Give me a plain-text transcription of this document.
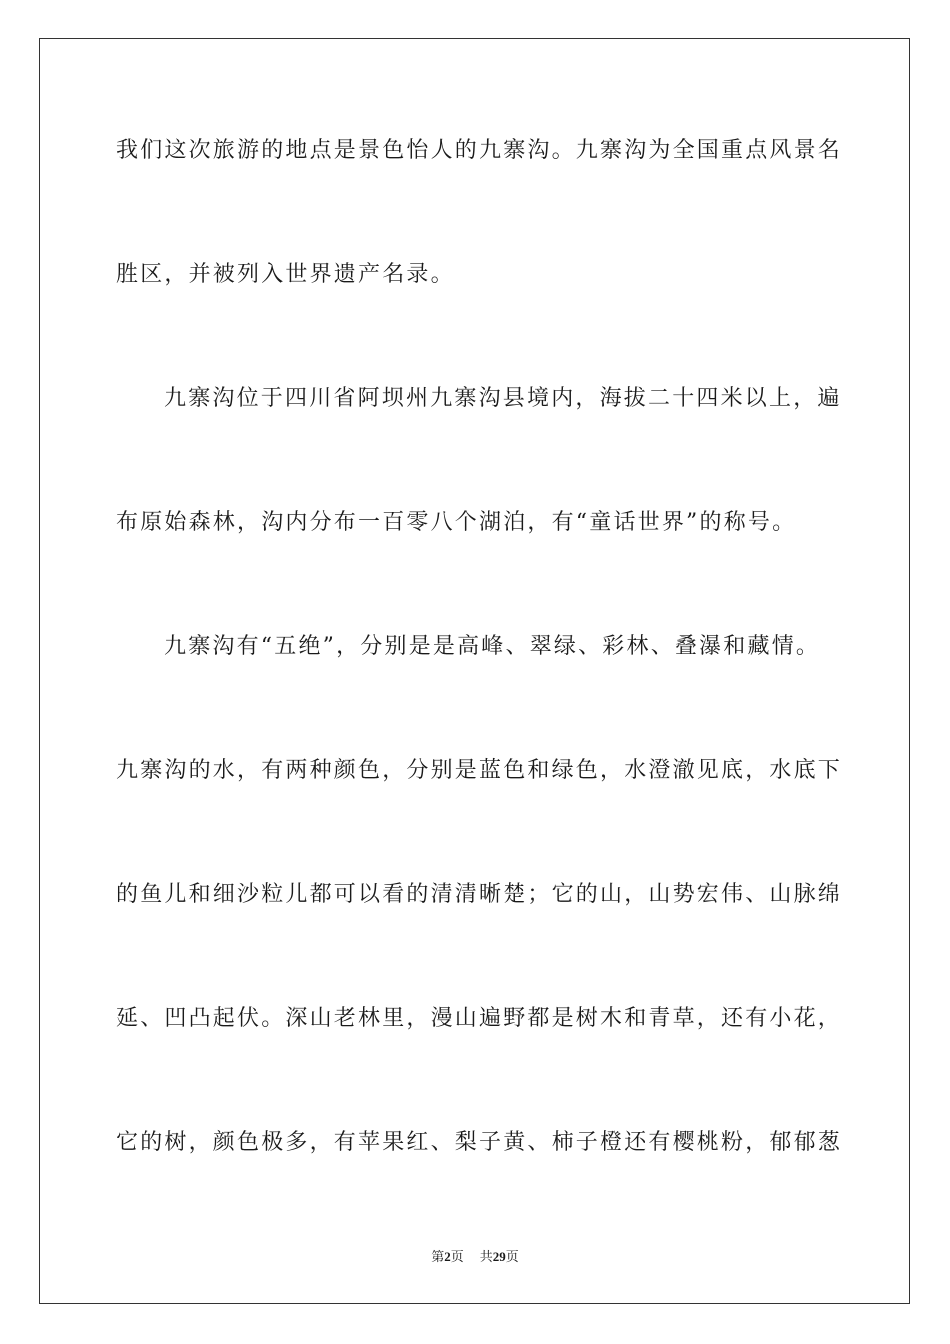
我们这次旅游的地点是景色怡人的九寨沟。九寨沟为全国重点风景名
胜区，并被列入世界遗产名录。
九寨沟位于四川省阿坝州九寨沟县境内，海拔二十四米以上，遍
布原始森林，沟内分布一百零八个湖泊，有“童话世界”的称号。
九寨沟有“五绝”，分别是是高峰、翠绿、彩林、叠瀑和藏情。
九寨沟的水，有两种颜色，分别是蓝色和绿色，水澄澈见底，水底下
的鱼儿和细沙粒儿都可以看的清清晰楚；它的山，山势宏伟、山脉绵
延、凹凸起伏。深山老林里，漫山遍野都是树木和青草，还有小花，
它的树，颜色极多，有苹果红、梨子黄、柿子橙还有樱桃粉，郁郁葱
第2页 共29页
